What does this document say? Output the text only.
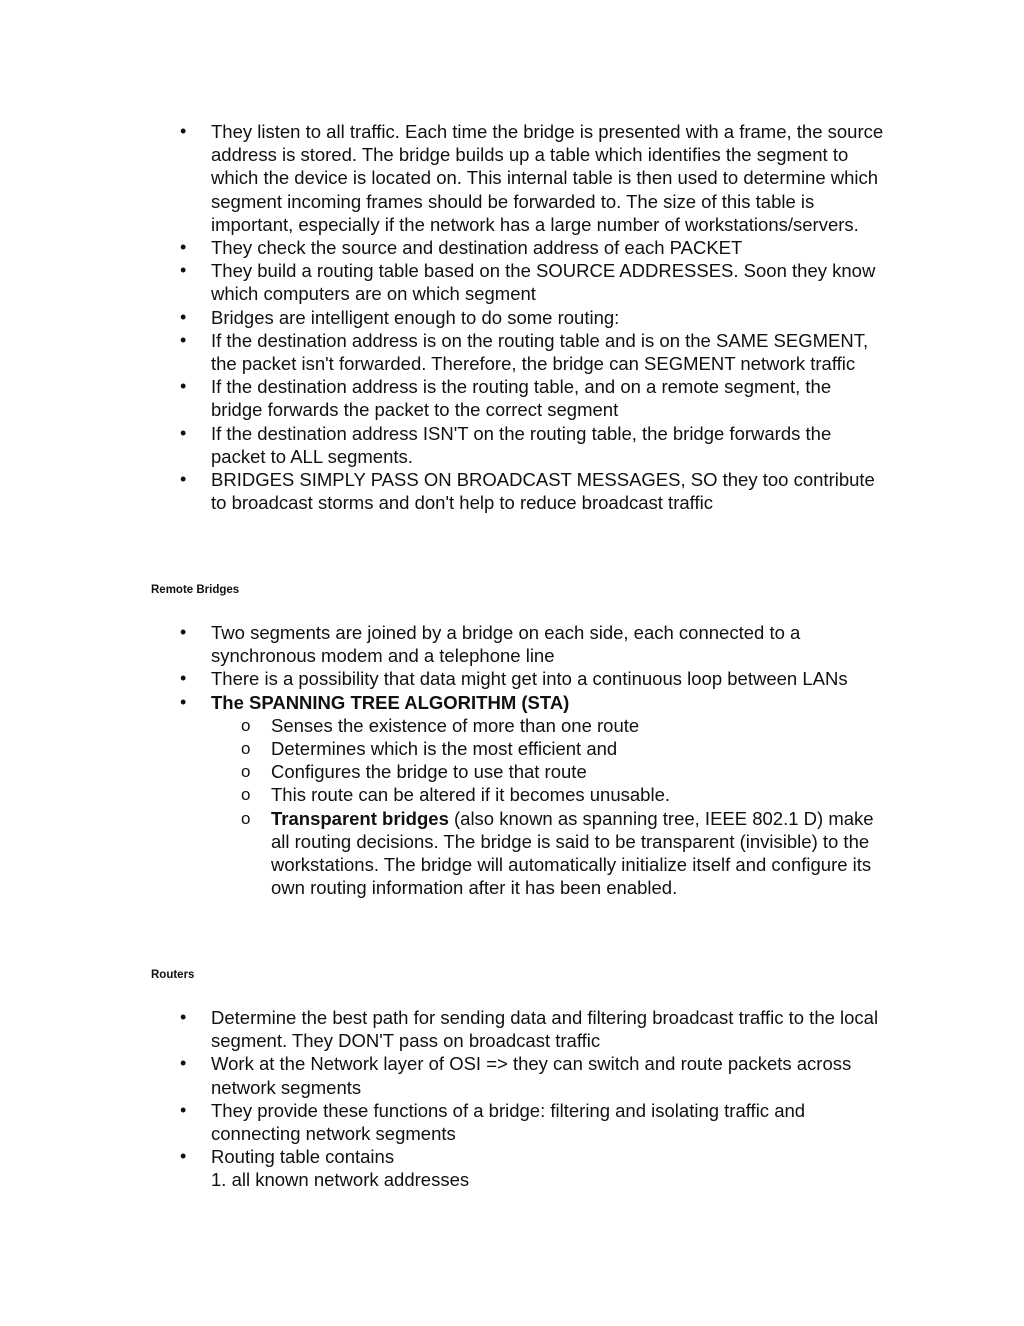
• They listen to all traffic. Each time the bridge is presented with a frame, the source address is stored. The bridge builds up a table which identifies the segment to which the device is located on. This internal table is then used to determine which segment incoming frames should be forwarded to. The size of this table is important, especially if the network has a large number of workstations/servers.
• They check the source and destination address of each PACKET
• They build a routing table based on the SOURCE ADDRESSES. Soon they know which computers are on which segment
• Bridges are intelligent enough to do some routing:
• If the destination address is on the routing table and is on the SAME SEGMENT, the packet isn't forwarded. Therefore, the bridge can SEGMENT network traffic
• If the destination address is the routing table, and on a remote segment, the bridge forwards the packet to the correct segment
• If the destination address ISN'T on the routing table, the bridge forwards the packet to ALL segments.
• BRIDGES SIMPLY PASS ON BROADCAST MESSAGES, SO they too contribute to broadcast storms and don't help to reduce broadcast traffic
Remote Bridges
• Two segments are joined by a bridge on each side, each connected to a synchronous modem and a telephone line
• There is a possibility that data might get into a continuous loop between LANs
• The SPANNING TREE ALGORITHM (STA)
o Senses the existence of more than one route
o Determines which is the most efficient and
o Configures the bridge to use that route
o This route can be altered if it becomes unusable.
o Transparent bridges (also known as spanning tree, IEEE 802.1 D) make all routing decisions. The bridge is said to be transparent (invisible) to the workstations. The bridge will automatically initialize itself and configure its own routing information after it has been enabled.
Routers
• Determine the best path for sending data and filtering broadcast traffic to the local segment. They DON'T pass on broadcast traffic
• Work at the Network layer of OSI => they can switch and route packets across network segments
• They provide these functions of a bridge: filtering and isolating traffic and connecting network segments
• Routing table contains
1. all known network addresses
